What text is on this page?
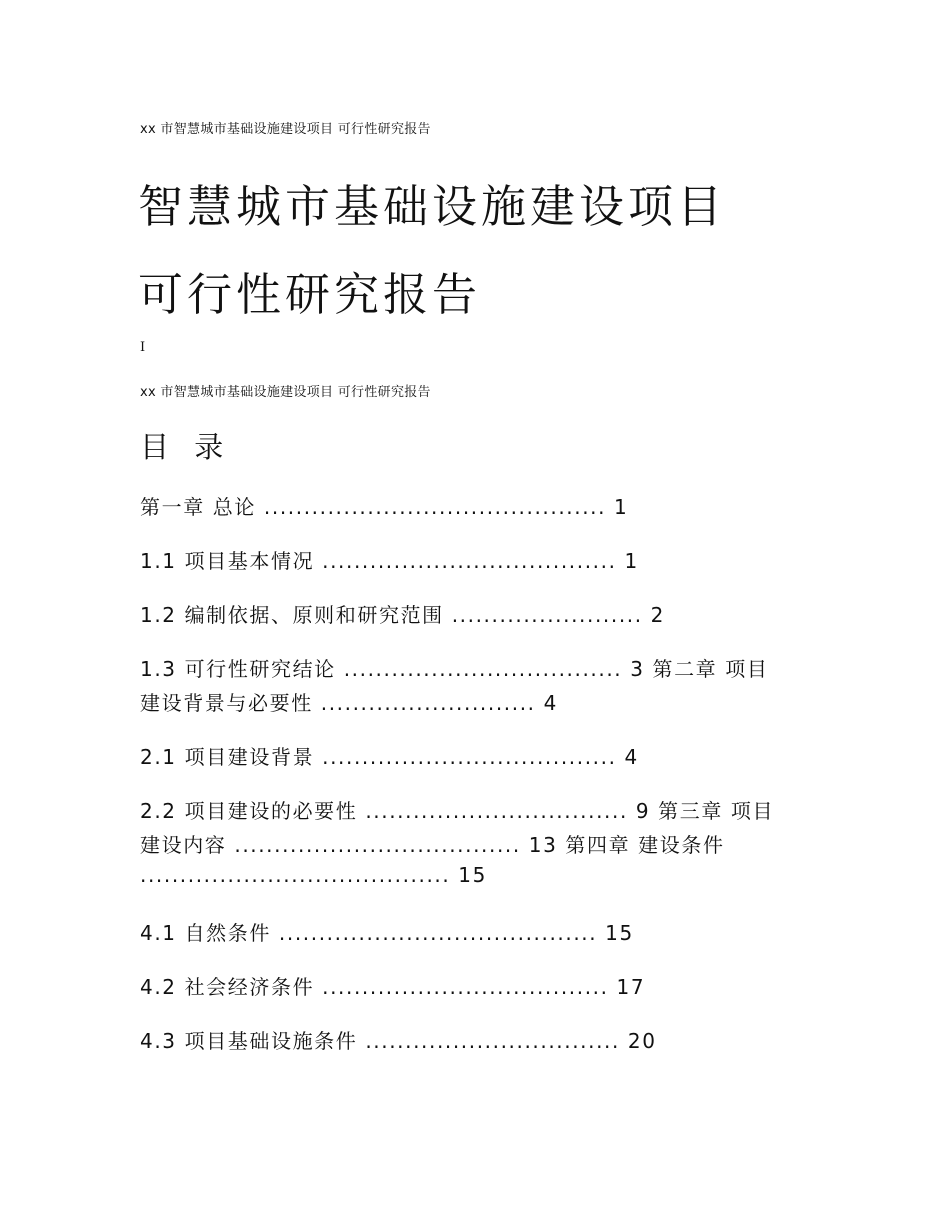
xx 市智慧城市基础设施建设项目 可行性研究报告
智慧城市基础设施建设项目
可行性研究报告
I
xx 市智慧城市基础设施建设项目 可行性研究报告
目 录
第一章 总论 ........................................... 1
1.1 项目基本情况 ..................................... 1
1.2 编制依据、原则和研究范围 ........................ 2
1.3 可行性研究结论 ................................... 3 第二章 项目
建设背景与必要性 ........................... 4
2.1 项目建设背景 ..................................... 4
2.2 项目建设的必要性 ................................. 9 第三章 项目
建设内容 .................................... 13 第四章 建设条件
....................................... 15
4.1 自然条件 ........................................ 15
4.2 社会经济条件 .................................... 17
4.3 项目基础设施条件 ................................ 20
